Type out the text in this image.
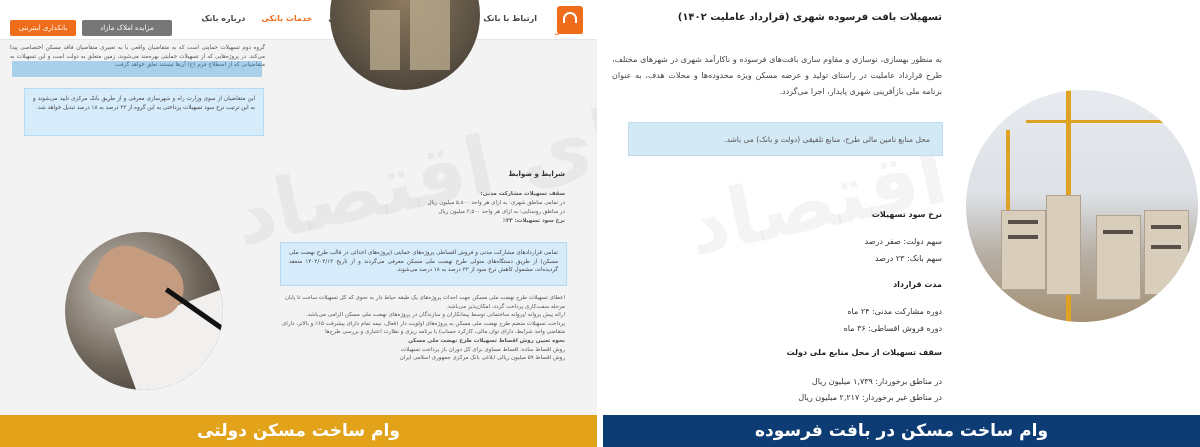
بانک مسکن
درباره بانک خدمات بانکی	ارتباط با بانک
مزایده املاک مازاد
بانکداری اینترنتی
گروه دوم تسهیلات حمایتی است که به متقاضیان واقعی با به تعبیری متقاضیان فاقد مسکن اختصاصی پیدا می‌کند. در پروژه‌هایی که از تسهیلات حمایتی بهره‌مند می‌شوند، زمین متعلق به دولت است و این تسهیلات به متقاضیانی که از اصطلاح فرم (ج) آن‌ها نیستند تعلق خواهد گرفت.
این متقاضیان از سوی وزارت راه و شهرسازی معرفی و از طریق بانک مرکزی تایید می‌شوند و به این ترتیب نرخ سود تسهیلات پرداختی به این گروه از ۲۳ درصد به ۱۸ درصد تبدیل خواهد شد.
شرایط و ضوابط
سقف تسهیلات مشارکت مدنی:
در تمامی مناطق شهری: به ازای هر واحد ۵,۸۰۰ میلیون ریال
در مناطق روستایی: به ازای هر واحد ۲,۵۰۰ میلیون ریال
نرخ سود تسهیلات: ۲۳٪
تمامی قراردادهای مشارکت مدنی و فروش اقساطی پروژه‌های حمایتی (پروژه‌های احداثی در قالب طرح نهضت ملی مسکن) از طریق دستگاه‌های متولی طرح نهضت ملی مسکن معرفی می‌گردند و از تاریخ ۱۴۰۲/۰۴/۱۳ منعقد گردیده‌اند، مشمول کاهش نرخ سود از ۲۳ درصد به ۱۸ درصد می‌شوند.
اعطای تسهیلات طرح نهضت ملی مسکن جهت احداث پروژه‌های یک طبقه حیاط دار به نحوی که کل تسهیلات ساخت تا پایان مرحله سفت‌کاری پرداخت گردد، امکان‌پذیر می‌باشد.
ارائه پیش پروانه /پروانه ساختمانی توسط پیمانکاران و سازندگان در پروژه‌های نهضت ملی مسکن الزامی می‌باشد.
پرداخت تسهیلات منضم طرح نهضت ملی مسکن به پروژه‌های اولویت دار (فعال، نیمه تمام دارای پیشرفت ۶۵٪ و بالاتر، دارای متقاضی واجد شرایط، دارای توان مالی، کارکرد حساب) با برنامه ریزی و نظارت اعتباری و بررسی طرح‌ها
نحوه تعیین روش اقساط تسهیلات طرح نهضت ملی مسکن
روش اقساط ساده: اقساط مساوی برای کل دوران باز پرداخت تسهیلات
روش اقساط ۵۹ میلیون ریالی ابلاغی بانک مرکزی جمهوری اسلامی ایران
تسهیلات بافت فرسوده شهری (قرارداد عاملیت ۱۴۰۲)
به منظور بهسازی، نوسازی و مقاوم سازی بافت‌های فرسوده و ناکارآمد شهری در شهرهای مختلف، طرح قرارداد عاملیت در راستای تولید و عرضه مسکن ویژه محدوده‌ها و محلات هدف، به عنوان برنامه ملی بازآفرینی شهری پایدار، اجرا می‌گردد.
محل منابع تامین مالی طرح، منابع تلفیقی (دولت و بانک) می باشد.
نرخ سود تسهیلات
سهم دولت: صفر درصد
سهم بانک: ۲۳ درصد
مدت قرارداد
دوره مشارکت مدنی: ۲۴ ماه
دوره فروش اقساطی: ۳۶ ماه
سقف تسهیلات از محل منابع ملی دولت
در مناطق برخوردار: ۱,۷۳۹ میلیون ریال
در مناطق غیر برخوردار: ۲,۲۱۷ میلیون ریال
وام ساخت مسکن دولتی	وام ساخت مسکن در بافت فرسوده
